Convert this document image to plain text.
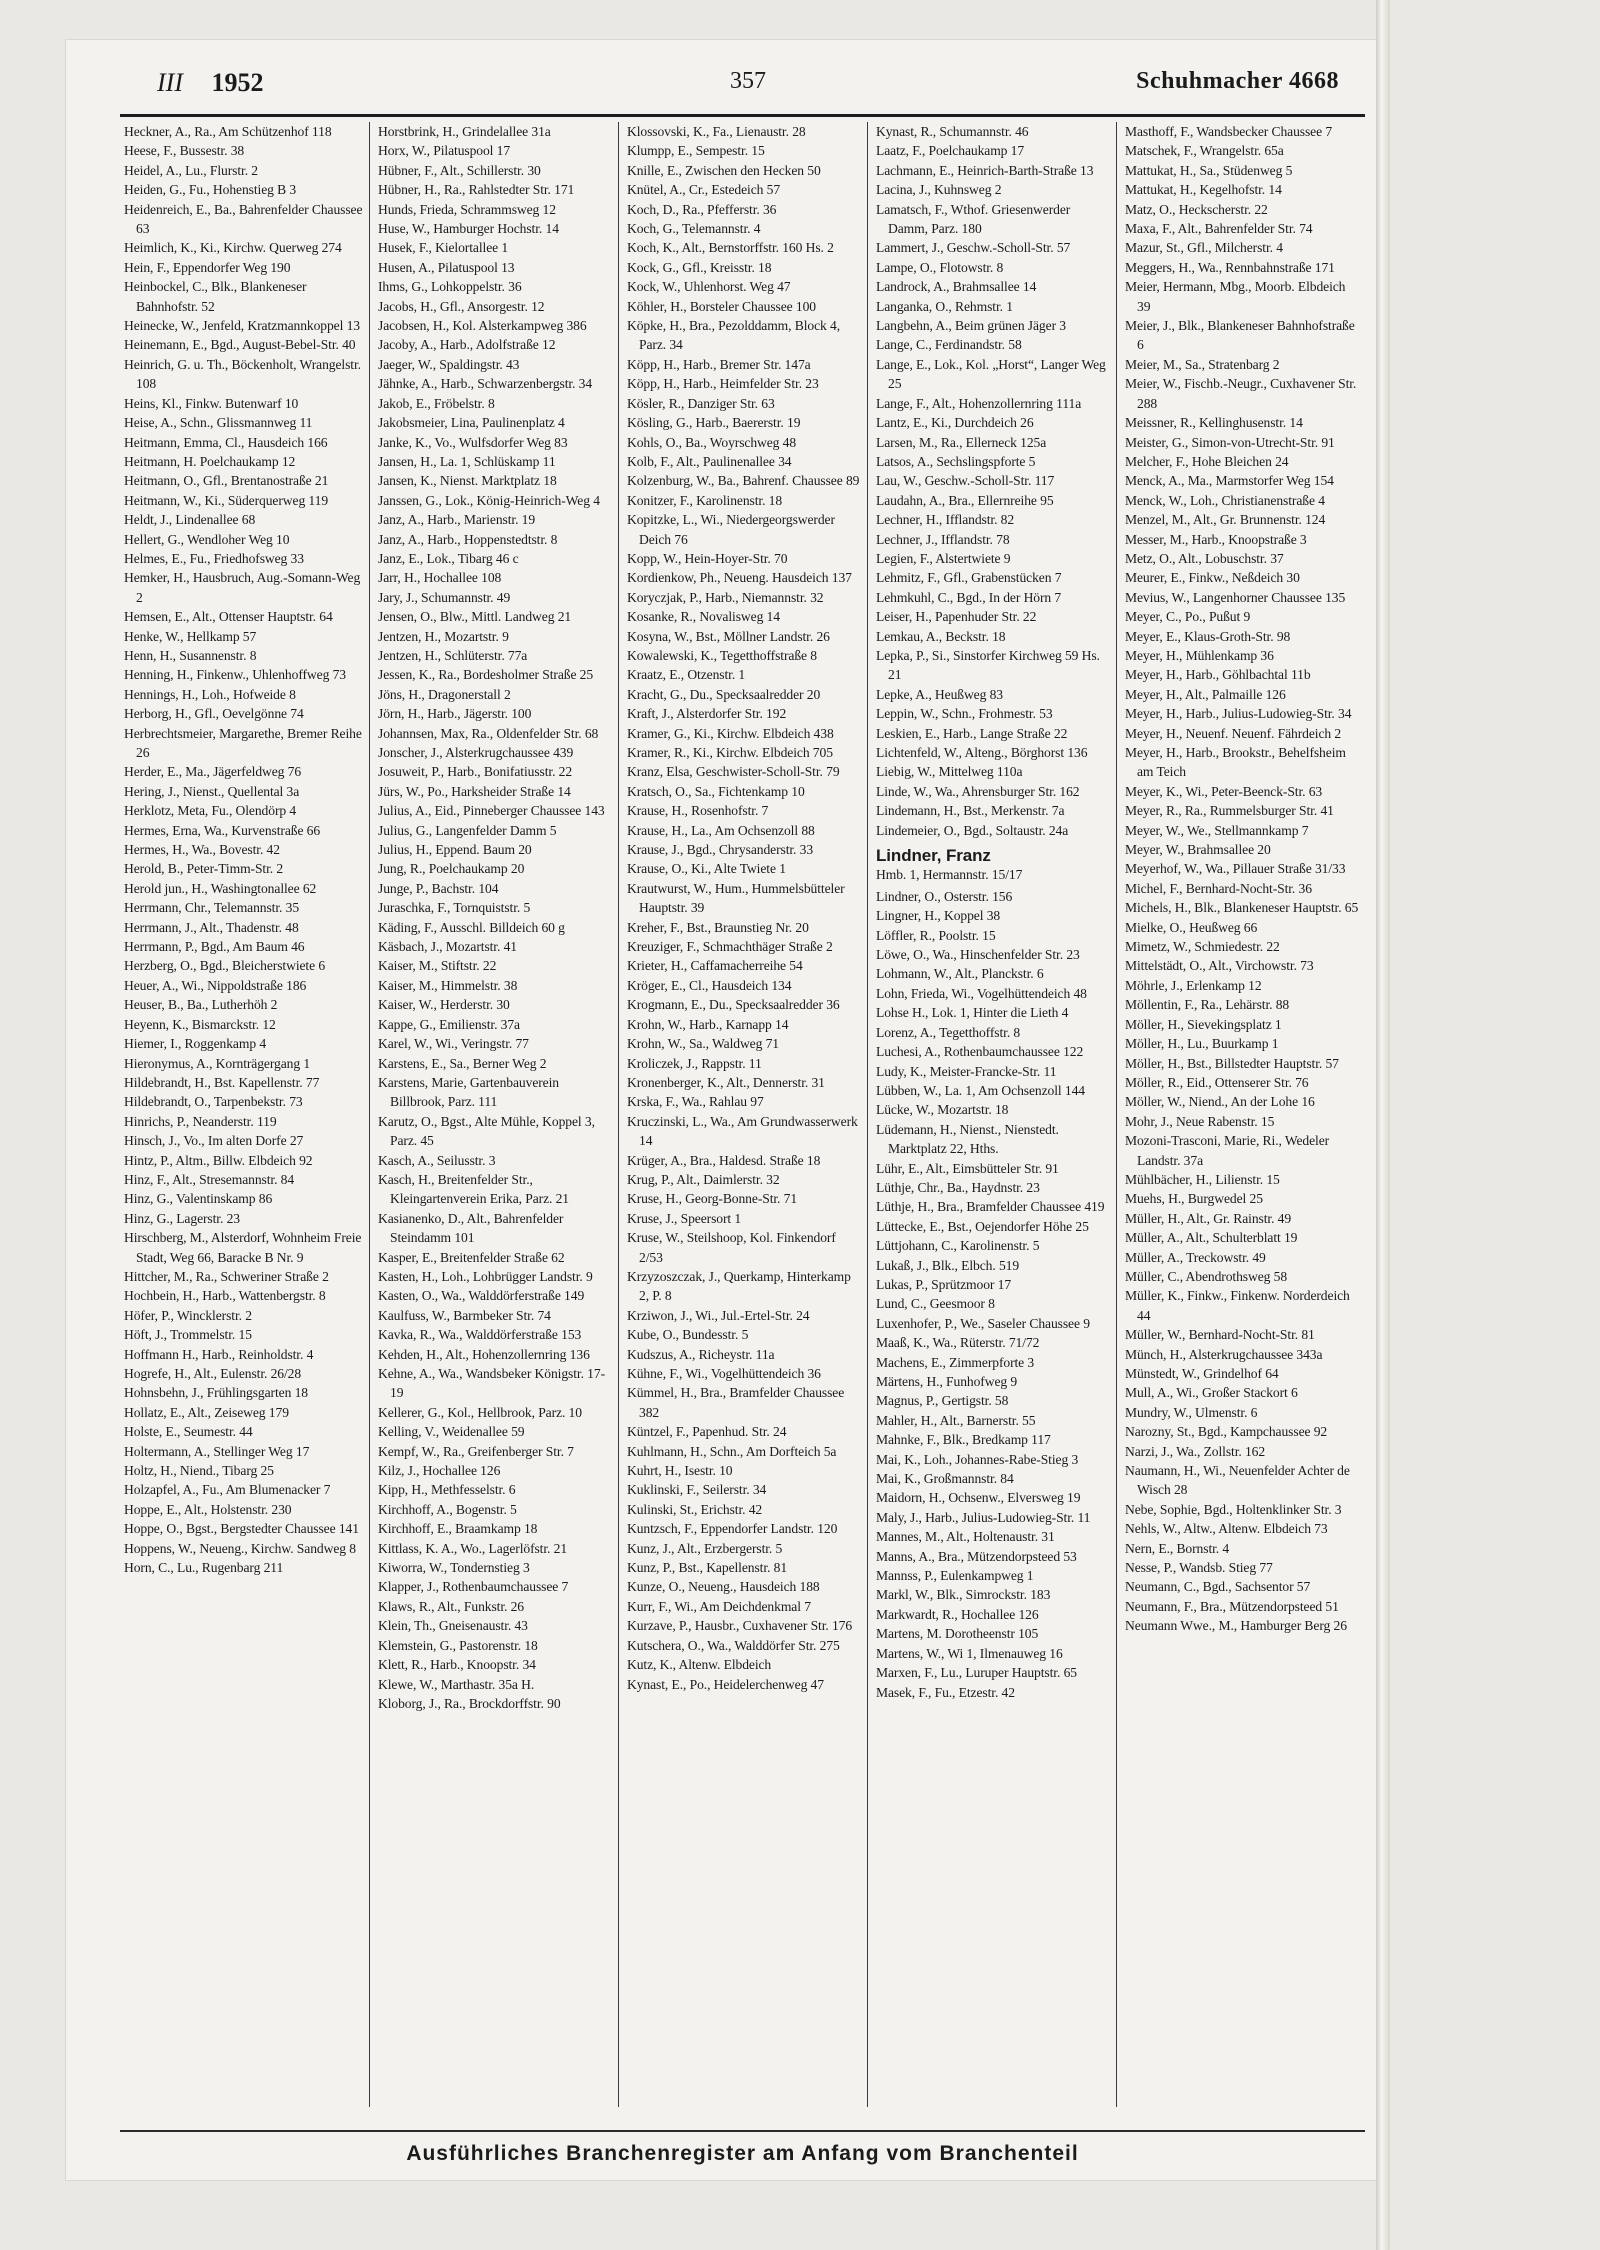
III 1952	357	Schuhmacher 4668
Heckner, A., Ra., Am Schützenhof 118
Heese, F., Bussestr. 38
Heidel, A., Lu., Flurstr. 2
Heiden, G., Fu., Hohenstieg B 3
Heidenreich, E., Ba., Bahrenfelder Chaussee 63
Heimlich, K., Ki., Kirchw. Querweg 274
Hein, F., Eppendorfer Weg 190
Heinbockel, C., Blk., Blankeneser Bahnhofstr. 52
Heinecke, W., Jenfeld, Kratzmannkoppel 13
Heinemann, E., Bgd., August-Bebel-Str. 40
Heinrich, G. u. Th., Böckenholt, Wrangelstr. 108
Heins, Kl., Finkw. Butenwarf 10
Heise, A., Schn., Glissmannweg 11
Heitmann, Emma, Cl., Hausdeich 166
Heitmann, H. Poelchaukamp 12
Heitmann, O., Gfl., Brentanostraße 21
Heitmann, W., Ki., Süderquerweg 119
Heldt, J., Lindenallee 68
Hellert, G., Wendloher Weg 10
Helmes, E., Fu., Friedhofsweg 33
Hemker, H., Hausbruch, Aug.-Somann-Weg 2
Hemsen, E., Alt., Ottenser Hauptstr. 64
Henke, W., Hellkamp 57
Henn, H., Susannenstr. 8
Henning, H., Finkenw., Uhlenhoffweg 73
Hennings, H., Loh., Hofweide 8
Herborg, H., Gfl., Oevelgönne 74
Herbrechtsmeier, Margarethe, Bremer Reihe 26
Herder, E., Ma., Jägerfeldweg 76
Hering, J., Nienst., Quellental 3a
Herklotz, Meta, Fu., Olendörp 4
Hermes, Erna, Wa., Kurvenstraße 66
Hermes, H., Wa., Bovestr. 42
Herold, B., Peter-Timm-Str. 2
Herold jun., H., Washingtonallee 62
Herrmann, Chr., Telemannstr. 35
Herrmann, J., Alt., Thadenstr. 48
Herrmann, P., Bgd., Am Baum 46
Herzberg, O., Bgd., Bleicherstwiete 6
Heuer, A., Wi., Nippoldstraße 186
Heuser, B., Ba., Lutherhöh 2
Heyenn, K., Bismarckstr. 12
Hiemer, I., Roggenkamp 4
Hieronymus, A., Kornträgergang 1
Hildebrandt, H., Bst. Kapellenstr. 77
Hildebrandt, O., Tarpenbekstr. 73
Hinrichs, P., Neanderstr. 119
Hinsch, J., Vo., Im alten Dorfe 27
Hintz, P., Altm., Billw. Elbdeich 92
Hinz, F., Alt., Stresemannstr. 84
Hinz, G., Valentinskamp 86
Hinz, G., Lagerstr. 23
Hirschberg, M., Alsterdorf, Wohnheim Freie Stadt, Weg 66, Baracke B Nr. 9
Hittcher, M., Ra., Schweriner Straße 2
Hochbein, H., Harb., Wattenbergstr. 8
Höfer, P., Wincklerstr. 2
Höft, J., Trommelstr. 15
Hoffmann H., Harb., Reinholdstr. 4
Hogrefe, H., Alt., Eulenstr. 26/28
Hohnsbehn, J., Frühlingsgarten 18
Hollatz, E., Alt., Zeiseweg 179
Holste, E., Seumestr. 44
Holtermann, A., Stellinger Weg 17
Holtz, H., Niend., Tibarg 25
Holzapfel, A., Fu., Am Blumenacker 7
Hoppe, E., Alt., Holstenstr. 230
Hoppe, O., Bgst., Bergstedter Chaussee 141
Hoppens, W., Neueng., Kirchw. Sandweg 8
Horn, C., Lu., Rugenbarg 211
Horstbrink, H., Grindelallee 31a
Horx, W., Pilatuspool 17
Hübner, F., Alt., Schillerstr. 30
Hübner, H., Ra., Rahlstedter Str. 171
Hunds, Frieda, Schrammsweg 12
Huse, W., Hamburger Hochstr. 14
Husek, F., Kielortallee 1
Husen, A., Pilatuspool 13
Ihms, G., Lohkoppelstr. 36
Jacobs, H., Gfl., Ansorgestr. 12
Jacobsen, H., Kol. Alsterkampweg 386
Jacoby, A., Harb., Adolfstraße 12
Jaeger, W., Spaldingstr. 43
Jähnke, A., Harb., Schwarzenbergstr. 34
Jakob, E., Fröbelstr. 8
Jakobsmeier, Lina, Paulinenplatz 4
Janke, K., Vo., Wulfsdorfer Weg 83
Jansen, H., La. 1, Schlüskamp 11
Jansen, K., Nienst. Marktplatz 18
Janssen, G., Lok., König-Heinrich-Weg 4
Janz, A., Harb., Marienstr. 19
Janz, A., Harb., Hoppenstedtstr. 8
Janz, E., Lok., Tibarg 46 c
Jarr, H., Hochallee 108
Jary, J., Schumannstr. 49
Jensen, O., Blw., Mittl. Landweg 21
Jentzen, H., Mozartstr. 9
Jentzen, H., Schlüterstr. 77a
Jessen, K., Ra., Bordesholmer Straße 25
Jöns, H., Dragonerstall 2
Jörn, H., Harb., Jägerstr. 100
Johannsen, Max, Ra., Oldenfelder Str. 68
Jonscher, J., Alsterkrugchaussee 439
Josuweit, P., Harb., Bonifatiusstr. 22
Jürs, W., Po., Harksheider Straße 14
Julius, A., Eid., Pinneberger Chaussee 143
Julius, G., Langenfelder Damm 5
Julius, H., Eppend. Baum 20
Jung, R., Poelchaukamp 20
Junge, P., Bachstr. 104
Juraschka, F., Tornquiststr. 5
Käding, F., Ausschl. Billdeich 60 g
Käsbach, J., Mozartstr. 41
Kaiser, M., Stiftstr. 22
Kaiser, M., Himmelstr. 38
Kaiser, W., Herderstr. 30
Kappe, G., Emilienstr. 37a
Karel, W., Wi., Veringstr. 77
Karstens, E., Sa., Berner Weg 2
Karstens, Marie, Gartenbauverein Billbrook, Parz. 111
Karutz, O., Bgst., Alte Mühle, Koppel 3, Parz. 45
Kasch, A., Seilusstr. 3
Kasch, H., Breitenfelder Str., Kleingartenverein Erika, Parz. 21
Kasianenko, D., Alt., Bahrenfelder Steindamm 101
Kasper, E., Breitenfelder Straße 62
Kasten, H., Loh., Lohbrügger Landstr. 9
Kasten, O., Wa., Walddörferstraße 149
Kaulfuss, W., Barmbeker Str. 74
Kavka, R., Wa., Walddörferstraße 153
Kehden, H., Alt., Hohenzollernring 136
Kehne, A., Wa., Wandsbeker Königstr. 17-19
Kellerer, G., Kol., Hellbrook, Parz. 10
Kelling, V., Weidenallee 59
Kempf, W., Ra., Greifenberger Str. 7
Kilz, J., Hochallee 126
Kipp, H., Methfesselstr. 6
Kirchhoff, A., Bogenstr. 5
Kirchhoff, E., Braamkamp 18
Kittlass, K. A., Wo., Lagerlöfstr. 21
Kiworra, W., Tondernstieg 3
Klapper, J., Rothenbaumchaussee 7
Klaws, R., Alt., Funkstr. 26
Klein, Th., Gneisenaustr. 43
Klemstein, G., Pastorenstr. 18
Klett, R., Harb., Knoopstr. 34
Klewe, W., Marthastr. 35a H.
Kloborg, J., Ra., Brockdorffstr. 90
Klossovski, K., Fa., Lienaustr. 28
Klumpp, E., Sempestr. 15
Knille, E., Zwischen den Hecken 50
Knütel, A., Cr., Estedeich 57
Koch, D., Ra., Pfefferstr. 36
Koch, G., Telemannstr. 4
Koch, K., Alt., Bernstorffstr. 160 Hs. 2
Kock, G., Gfl., Kreisstr. 18
Kock, W., Uhlenhorst. Weg 47
Köhler, H., Borsteler Chaussee 100
Köpke, H., Bra., Pezolddamm, Block 4, Parz. 34
Köpp, H., Harb., Bremer Str. 147a
Köpp, H., Harb., Heimfelder Str. 23
Kösler, R., Danziger Str. 63
Kösling, G., Harb., Baererstr. 19
Kohls, O., Ba., Woyrschweg 48
Kolb, F., Alt., Paulinenallee 34
Kolzenburg, W., Ba., Bahrenf. Chaussee 89
Konitzer, F., Karolinenstr. 18
Kopitzke, L., Wi., Niedergeorgswerder Deich 76
Kopp, W., Hein-Hoyer-Str. 70
Kordienkow, Ph., Neueng. Hausdeich 137
Koryczjak, P., Harb., Niemannstr. 32
Kosanke, R., Novalisweg 14
Kosyna, W., Bst., Möllner Landstr. 26
Kowalewski, K., Tegetthoffstraße 8
Kraatz, E., Otzenstr. 1
Kracht, G., Du., Specksaalredder 20
Kraft, J., Alsterdorfer Str. 192
Kramer, G., Ki., Kirchw. Elbdeich 438
Kramer, R., Ki., Kirchw. Elbdeich 705
Kranz, Elsa, Geschwister-Scholl-Str. 79
Kratsch, O., Sa., Fichtenkamp 10
Krause, H., Rosenhofstr. 7
Krause, H., La., Am Ochsenzoll 88
Krause, J., Bgd., Chrysanderstr. 33
Krause, O., Ki., Alte Twiete 1
Krautwurst, W., Hum., Hummelsbütteler Hauptstr. 39
Kreher, F., Bst., Braunstieg Nr. 20
Kreuziger, F., Schmachthäger Straße 2
Krieter, H., Caffamacherreihe 54
Kröger, E., Cl., Hausdeich 134
Krogmann, E., Du., Specksaalredder 36
Krohn, W., Harb., Karnapp 14
Krohn, W., Sa., Waldweg 71
Kroliczek, J., Rappstr. 11
Kronenberger, K., Alt., Dennerstr. 31
Krska, F., Wa., Rahlau 97
Kruczinski, L., Wa., Am Grundwasserwerk 14
Krüger, A., Bra., Haldesd. Straße 18
Krug, P., Alt., Daimlerstr. 32
Kruse, H., Georg-Bonne-Str. 71
Kruse, J., Speersort 1
Kruse, W., Steilshoop, Kol. Finkendorf 2/53
Krzyzoszczak, J., Querkamp, Hinterkamp 2, P. 8
Krziwon, J., Wi., Jul.-Ertel-Str. 24
Kube, O., Bundesstr. 5
Kudszus, A., Richeystr. 11a
Kühne, F., Wi., Vogelhüttendeich 36
Kümmel, H., Bra., Bramfelder Chaussee 382
Küntzel, F., Papenhud. Str. 24
Kuhlmann, H., Schn., Am Dorfteich 5a
Kuhrt, H., Isestr. 10
Kuklinski, F., Seilerstr. 34
Kulinski, St., Erichstr. 42
Kuntzsch, F., Eppendorfer Landstr. 120
Kunz, J., Alt., Erzbergerstr. 5
Kunz, P., Bst., Kapellenstr. 81
Kunze, O., Neueng., Hausdeich 188
Kurr, F., Wi., Am Deichdenkmal 7
Kurzave, P., Hausbr., Cuxhavener Str. 176
Kutschera, O., Wa., Walddörfer Str. 275
Kutz, K., Altenw. Elbdeich
Kynast, E., Po., Heidelerchenweg 47
Kynast, R., Schumannstr. 46
Laatz, F., Poelchaukamp 17
Lachmann, E., Heinrich-Barth-Straße 13
Lacina, J., Kuhnsweg 2
Lamatsch, F., Wthof. Griesenwerder Damm, Parz. 180
Lammert, J., Geschw.-Scholl-Str. 57
Lampe, O., Flotowstr. 8
Landrock, A., Brahmsallee 14
Langanka, O., Rehmstr. 1
Langbehn, A., Beim grünen Jäger 3
Lange, C., Ferdinandstr. 58
Lange, E., Lok., Kol. „Horst“, Langer Weg 25
Lange, F., Alt., Hohenzollernring 111a
Lantz, E., Ki., Durchdeich 26
Larsen, M., Ra., Ellerneck 125a
Latsos, A., Sechslingspforte 5
Lau, W., Geschw.-Scholl-Str. 117
Laudahn, A., Bra., Ellernreihe 95
Lechner, H., Ifflandstr. 82
Lechner, J., Ifflandstr. 78
Legien, F., Alstertwiete 9
Lehmitz, F., Gfl., Grabenstücken 7
Lehmkuhl, C., Bgd., In der Hörn 7
Leiser, H., Papenhuder Str. 22
Lemkau, A., Beckstr. 18
Lepka, P., Si., Sinstorfer Kirchweg 59 Hs. 21
Lepke, A., Heußweg 83
Leppin, W., Schn., Frohmestr. 53
Leskien, E., Harb., Lange Straße 22
Lichtenfeld, W., Alteng., Börghorst 136
Liebig, W., Mittelweg 110a
Linde, W., Wa., Ahrensburger Str. 162
Lindemann, H., Bst., Merkenstr. 7a
Lindemeier, O., Bgd., Soltaustr. 24a
Lindner, Franz
Hmb. 1, Hermannstr. 15/17
Lindner, O., Osterstr. 156
Lingner, H., Koppel 38
Löffler, R., Poolstr. 15
Löwe, O., Wa., Hinschenfelder Str. 23
Lohmann, W., Alt., Planckstr. 6
Lohn, Frieda, Wi., Vogelhüttendeich 48
Lohse H., Lok. 1, Hinter die Lieth 4
Lorenz, A., Tegetthoffstr. 8
Luchesi, A., Rothenbaumchaussee 122
Ludy, K., Meister-Francke-Str. 11
Lübben, W., La. 1, Am Ochsenzoll 144
Lücke, W., Mozartstr. 18
Lüdemann, H., Nienst., Nienstedt. Marktplatz 22, Hths.
Lühr, E., Alt., Eimsbütteler Str. 91
Lüthje, Chr., Ba., Haydnstr. 23
Lüthje, H., Bra., Bramfelder Chaussee 419
Lüttecke, E., Bst., Oejendorfer Höhe 25
Lüttjohann, C., Karolinenstr. 5
Lukaß, J., Blk., Elbch. 519
Lukas, P., Sprützmoor 17
Lund, C., Geesmoor 8
Luxenhofer, P., We., Saseler Chaussee 9
Maaß, K., Wa., Rüterstr. 71/72
Machens, E., Zimmerpforte 3
Märtens, H., Funhofweg 9
Magnus, P., Gertigstr. 58
Mahler, H., Alt., Barnerstr. 55
Mahnke, F., Blk., Bredkamp 117
Mai, K., Loh., Johannes-Rabe-Stieg 3
Mai, K., Großmannstr. 84
Maidorn, H., Ochsenw., Elversweg 19
Maly, J., Harb., Julius-Ludowieg-Str. 11
Mannes, M., Alt., Holtenaustr. 31
Manns, A., Bra., Mützendorpsteed 53
Mannss, P., Eulenkampweg 1
Markl, W., Blk., Simrockstr. 183
Markwardt, R., Hochallee 126
Martens, M. Dorotheenstr 105
Martens, W., Wi 1, Ilmenauweg 16
Marxen, F., Lu., Luruper Hauptstr. 65
Masek, F., Fu., Etzestr. 42
Masthoff, F., Wandsbecker Chaussee 7
Matschek, F., Wrangelstr. 65a
Mattukat, H., Sa., Stüdenweg 5
Mattukat, H., Kegelhofstr. 14
Matz, O., Heckscherstr. 22
Maxa, F., Alt., Bahrenfelder Str. 74
Mazur, St., Gfl., Milcherstr. 4
Meggers, H., Wa., Rennbahnstraße 171
Meier, Hermann, Mbg., Moorb. Elbdeich 39
Meier, J., Blk., Blankeneser Bahnhofstraße 6
Meier, M., Sa., Stratenbarg 2
Meier, W., Fischb.-Neugr., Cuxhavener Str. 288
Meissner, R., Kellinghusenstr. 14
Meister, G., Simon-von-Utrecht-Str. 91
Melcher, F., Hohe Bleichen 24
Menck, A., Ma., Marmstorfer Weg 154
Menck, W., Loh., Christianenstraße 4
Menzel, M., Alt., Gr. Brunnenstr. 124
Messer, M., Harb., Knoopstraße 3
Metz, O., Alt., Lobuschstr. 37
Meurer, E., Finkw., Neßdeich 30
Mevius, W., Langenhorner Chaussee 135
Meyer, C., Po., Pußut 9
Meyer, E., Klaus-Groth-Str. 98
Meyer, H., Mühlenkamp 36
Meyer, H., Harb., Göhlbachtal 11b
Meyer, H., Alt., Palmaille 126
Meyer, H., Harb., Julius-Ludowieg-Str. 34
Meyer, H., Neuenf. Neuenf. Fährdeich 2
Meyer, H., Harb., Brookstr., Behelfsheim am Teich
Meyer, K., Wi., Peter-Beenck-Str. 63
Meyer, R., Ra., Rummelsburger Str. 41
Meyer, W., We., Stellmannkamp 7
Meyer, W., Brahmsallee 20
Meyerhof, W., Wa., Pillauer Straße 31/33
Michel, F., Bernhard-Nocht-Str. 36
Michels, H., Blk., Blankeneser Hauptstr. 65
Mielke, O., Heußweg 66
Mimetz, W., Schmiedestr. 22
Mittelstädt, O., Alt., Virchowstr. 73
Möhrle, J., Erlenkamp 12
Möllentin, F., Ra., Lehärstr. 88
Möller, H., Sievekingsplatz 1
Möller, H., Lu., Buurkamp 1
Möller, H., Bst., Billstedter Hauptstr. 57
Möller, R., Eid., Ottenserer Str. 76
Möller, W., Niend., An der Lohe 16
Mohr, J., Neue Rabenstr. 15
Mozoni-Trasconi, Marie, Ri., Wedeler Landstr. 37a
Mühlbächer, H., Lilienstr. 15
Muehs, H., Burgwedel 25
Müller, H., Alt., Gr. Rainstr. 49
Müller, A., Alt., Schulterblatt 19
Müller, A., Treckowstr. 49
Müller, C., Abendrothsweg 58
Müller, K., Finkw., Finkenw. Norderdeich 44
Müller, W., Bernhard-Nocht-Str. 81
Münch, H., Alsterkrugchaussee 343a
Münstedt, W., Grindelhof 64
Mull, A., Wi., Großer Stackort 6
Mundry, W., Ulmenstr. 6
Narozny, St., Bgd., Kampchaussee 92
Narzi, J., Wa., Zollstr. 162
Naumann, H., Wi., Neuenfelder Achter de Wisch 28
Nebe, Sophie, Bgd., Holtenklinker Str. 3
Nehls, W., Altw., Altenw. Elbdeich 73
Nern, E., Bornstr. 4
Nesse, P., Wandsb. Stieg 77
Neumann, C., Bgd., Sachsentor 57
Neumann, F., Bra., Mützendorpsteed 51
Neumann Wwe., M., Hamburger Berg 26
Ausführliches Branchenregister am Anfang vom Branchenteil
